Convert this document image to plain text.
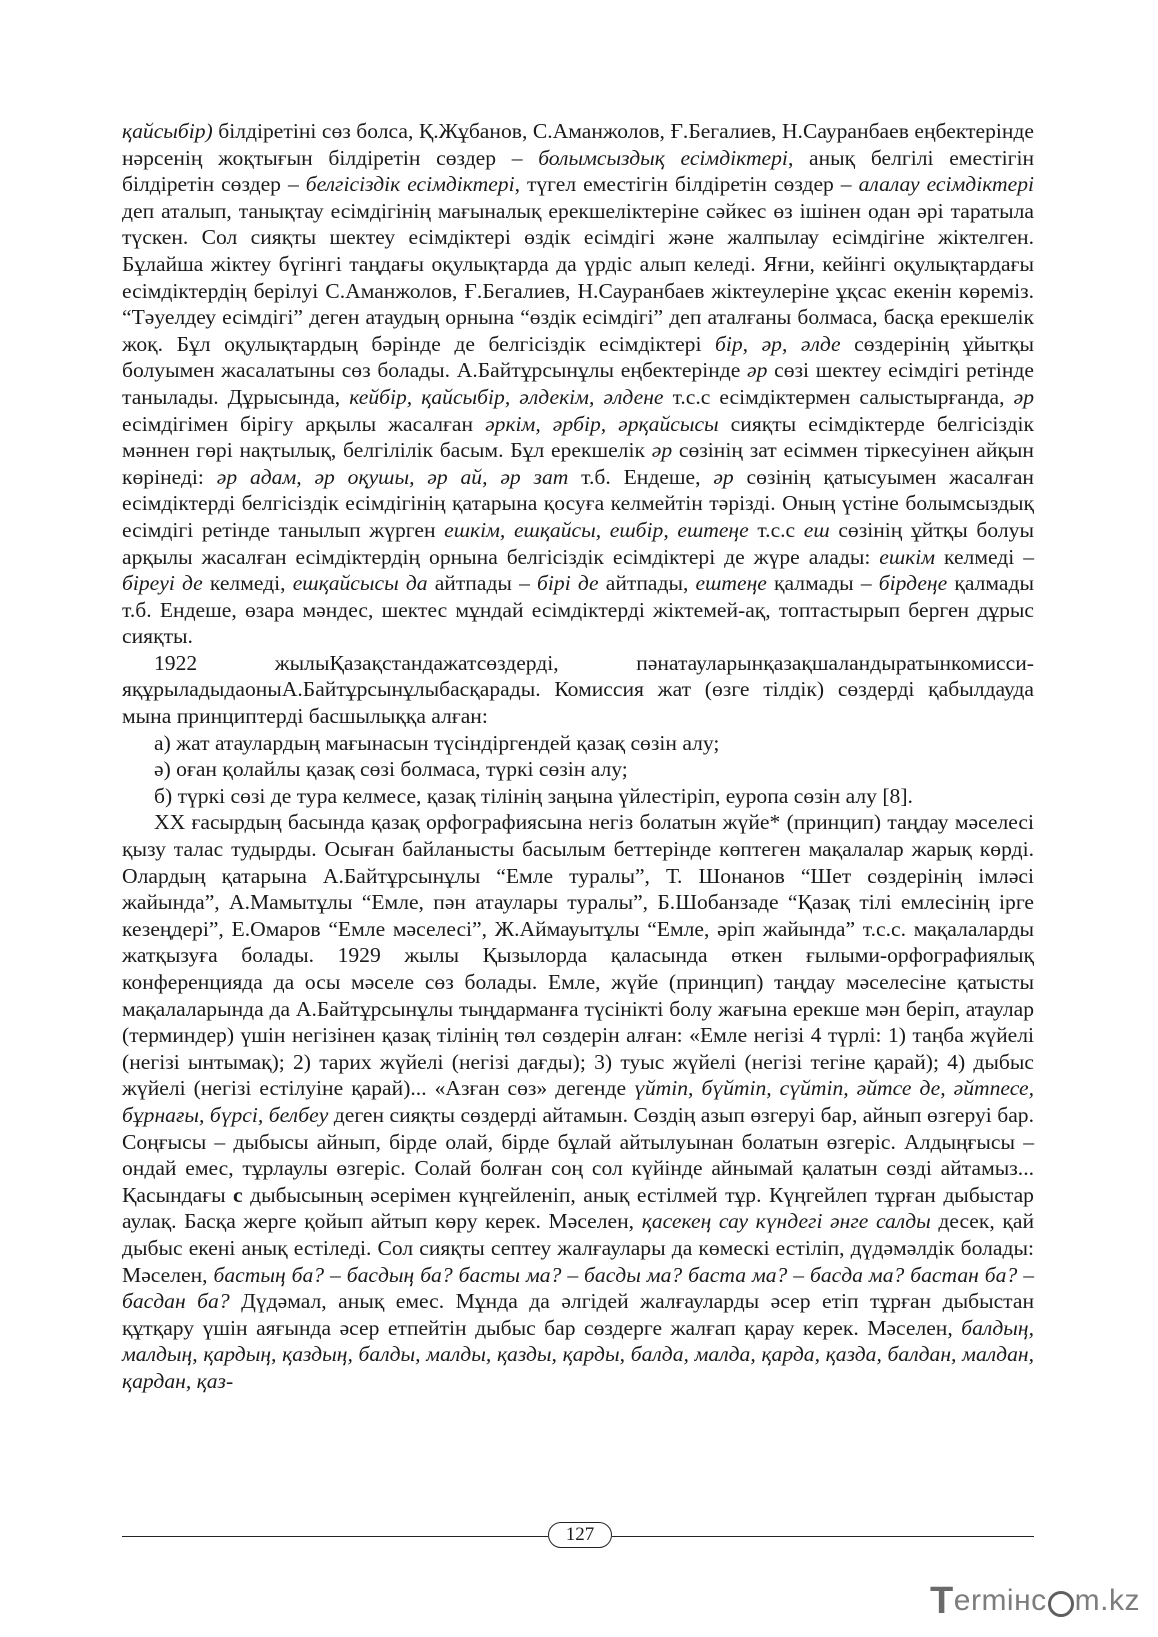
қайсыбір) білдіретіні сөз болса, Қ.Жұбанов, С.Аманжолов, Ғ.Бегалиев, Н.Сауранбаев еңбектерінде нәрсенің жоқтығын білдіретін сөздер – болымсыздық есімдіктері, анық белгілі еместігін білдіретін сөздер – белгісіздік есімдіктері, түгел еместігін білдіретін сөздер – алалау есімдіктері деп аталып, танықтау есімдігінің мағыналық ерекшеліктеріне сәйкес өз ішінен одан әрі таратыла түскен. Сол сияқты шектеу есімдіктері өздік есімдігі және жалпылау есімдігіне жіктелген. Бұлайша жіктеу бүгінгі таңдағы оқулықтарда да үрдіс алып келеді. Яғни, кейінгі оқулықтардағы есімдіктердің берілуі С.Аманжолов, Ғ.Бегалиев, Н.Сауранбаев жіктеулеріне ұқсас екенін көреміз. “Тәуелдеу есімдігі” деген атаудың орнына “өздік есімдігі” деп аталғаны болмаса, басқа ерекшелік жоқ. Бұл оқулықтардың бәрінде де белгісіздік есімдіктері бір, әр, әлде сөздерінің ұйытқы болуымен жасалатыны сөз болады. А.Байтұрсынұлы еңбектерінде әр сөзі шектеу есімдігі ретінде танылады. Дұрысында, кейбір, қайсыбір, әлдекім, әлдене т.с.с есімдіктермен салыстырғанда, әр есімдігімен бірігу арқылы жасалған әркім, әрбір, әрқайсысы сияқты есімдіктерде белгісіздік мәннен гөрі нақтылық, белгілілік басым. Бұл ерекшелік әр сөзінің зат есіммен тіркесуінен айқын көрінеді: әр адам, әр оқушы, әр ай, әр зат т.б. Ендеше, әр сөзінің қатысуымен жасалған есімдіктерді белгісіздік есімдігінің қатарына қосуға келмейтін тәрізді. Оның үстіне болымсыздық есімдігі ретінде танылып жүрген ешкім, ешқайсы, ешбір, ештеңе т.с.с еш сөзінің ұйтқы болуы арқылы жасалған есімдіктердің орнына белгісіздік есімдіктері де жүре алады: ешкім келмеді – біреуі де келмеді, ешқайсысы да айтпады – бірі де айтпады, ештеңе қалмады – бірдеңе қалмады т.б. Ендеше, өзара мәндес, шектес мұндай есімдіктерді жіктемей-ақ, топтастырып берген дұрыс сияқты.

1922 жылыҚазақстандажатсөздерді, пәнатауларынқазақшаландыратынкомиссияқұрыладыдаоныА.Байтұрсынұлыбасқарады. Комиссия жат (өзге тілдік) сөздерді қабылдауда мына принциптерді басшылыққа алған:

а) жат атаулардың мағынасын түсіндіргендей қазақ сөзін алу;

ә) оған қолайлы қазақ сөзі болмаса, түркі сөзін алу;

б) түркі сөзі де тура келмесе, қазақ тілінің заңына үйлестіріп, еуропа сөзін алу [8].

XX ғасырдың басында қазақ орфографиясына негіз болатын жүйе* (принцип) таңдау мәселесі қызу талас тудырды. Осыған байланысты басылым беттерінде көптеген мақалалар жарық көрді. Олардың қатарына А.Байтұрсынұлы “Емле туралы”, Т. Шонанов “Шет сөздерінің імләсі жайында”, А.Мамытұлы “Емле, пән атаулары туралы”, Б.Шобанзаде “Қазақ тілі емлесінің ірге кезеңдері”, Е.Омаров “Емле мәселесі”, Ж.Аймауытұлы “Емле, әріп жайында” т.с.с. мақалаларды жатқызуға болады. 1929 жылы Қызылорда қаласында өткен ғылыми-орфографиялық конференцияда да осы мәселе сөз болады. Емле, жүйе (принцип) таңдау мәселесіне қатысты мақалаларында да А.Байтұрсынұлы тыңдарманға түсінікті болу жағына ерекше мән беріп, атаулар (терминдер) үшін негізінен қазақ тілінің төл сөздерін алған: «Емле негізі 4 түрлі: 1) таңба жүйелі (негізі ынтымақ); 2) тарих жүйелі (негізі дағды); 3) туыс жүйелі (негізі тегіне қарай); 4) дыбыс жүйелі (негізі естілуіне қарай)... «Азған сөз» дегенде үйтіп, бүйтіп, сүйтіп, әйтсе де, әйтпесе, бұрнағы, бүрсі, белбеу деген сияқты сөздерді айтамын. Сөздің азып өзгеруі бар, айнып өзгеруі бар. Соңғысы – дыбысы айнып, бірде олай, бірде бұлай айтылуынан болатын өзгеріс. Алдыңғысы – ондай емес, тұрлаулы өзгеріс. Солай болған соң сол күйінде айнымай қалатын сөзді айтамыз... Қасындағы с дыбысының әсерімен күңгейленіп, анық естілмей тұр. Күңгейлеп тұрған дыбыстар аулақ. Басқа жерге қойып айтып көру керек. Мәселен, қасекең сау күндегі әнге салды десек, қай дыбыс екені анық естіледі. Сол сияқты септеу жалғаулары да көмескі естіліп, дүдәмәлдік болады: Мәселен, бастың ба? – басдың ба? басты ма? – басды ма? баста ма? – басда ма? бастан ба? – басдан ба? Дүдәмал, анық емес. Мұнда да әлгідей жалғауларды әсер етіп тұрған дыбыстан құтқару үшін аяғында әсер етпейтін дыбыс бар сөздерге жалғап қарау керек. Мәселен, балдың, малдың, қардың, қаздың, балды, малды, қазды, қарды, балда, малда, қарда, қазда, балдан, малдан, қардан, қаз-

127
T ermінc m.kz
